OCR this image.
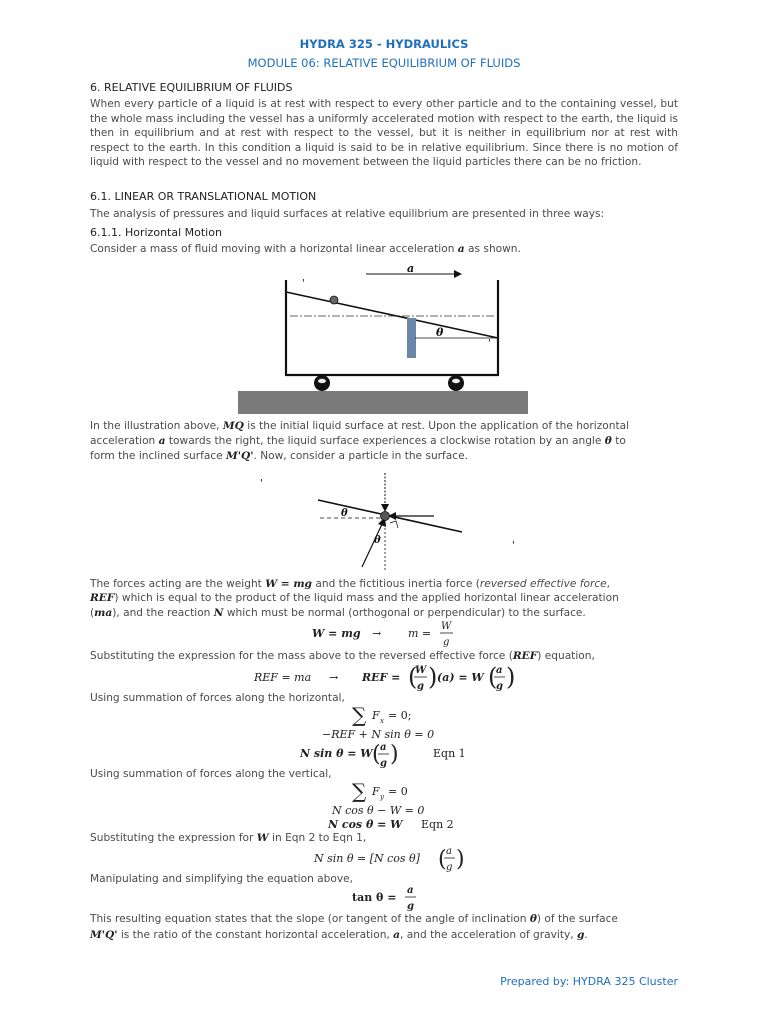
HYDRA 325 - HYDRAULICS
MODULE 06: RELATIVE EQUILIBRIUM OF FLUIDS
6. RELATIVE EQUILIBRIUM OF FLUIDS
When every particle of a liquid is at rest with respect to every other particle and to the containing vessel, but the whole mass including the vessel has a uniformly accelerated motion with respect to the earth, the liquid is then in equilibrium and at rest with respect to the vessel, but it is neither in equilibrium nor at rest with respect to the earth. In this condition a liquid is said to be in relative equilibrium. Since there is no motion of liquid with respect to the vessel and no movement between the liquid particles there can be no friction.
6.1. LINEAR OR TRANSLATIONAL MOTION
The analysis of pressures and liquid surfaces at relative equilibrium are presented in three ways:
6.1.1. Horizontal Motion
Consider a mass of fluid moving with a horizontal linear acceleration a as shown.
a
θ
'
'
In the illustration above, MQ is the initial liquid surface at rest. Upon the application of the horizontal
acceleration a towards the right, the liquid surface experiences a clockwise rotation by an angle θ to
form the inclined surface M'Q'. Now, consider a particle in the surface.
'
'
θ
θ
The forces acting are the weight W = mg and the fictitious inertia force (reversed effective force,
REF) which is equal to the product of the liquid mass and the applied horizontal linear acceleration
(ma), and the reaction N which must be normal (orthogonal or perpendicular) to the surface.
W = mg → m =
W
g
Substituting the expression for the mass above to the reversed effective force (REF) equation,
REF = ma → REF = (
W
g ) (a) = W (
a
g )
Using summation of forces along the horizontal,
∑ F x = 0;
−REF + N sin θ = 0
N sin θ = W ( a
g )	Eqn 1
Using summation of forces along the vertical,
∑ F y = 0
N cos θ − W = 0
N cos θ = W Eqn 2
Substituting the expression for W in Eqn 2 to Eqn 1,
N sin θ = [N cos θ] ( a
g )
Manipulating and simplifying the equation above,
tan θ =
a
g
This resulting equation states that the slope (or tangent of the angle of inclination θ) of the surface
M'Q' is the ratio of the constant horizontal acceleration, a, and the acceleration of gravity, g.
Prepared by: HYDRA 325 Cluster
